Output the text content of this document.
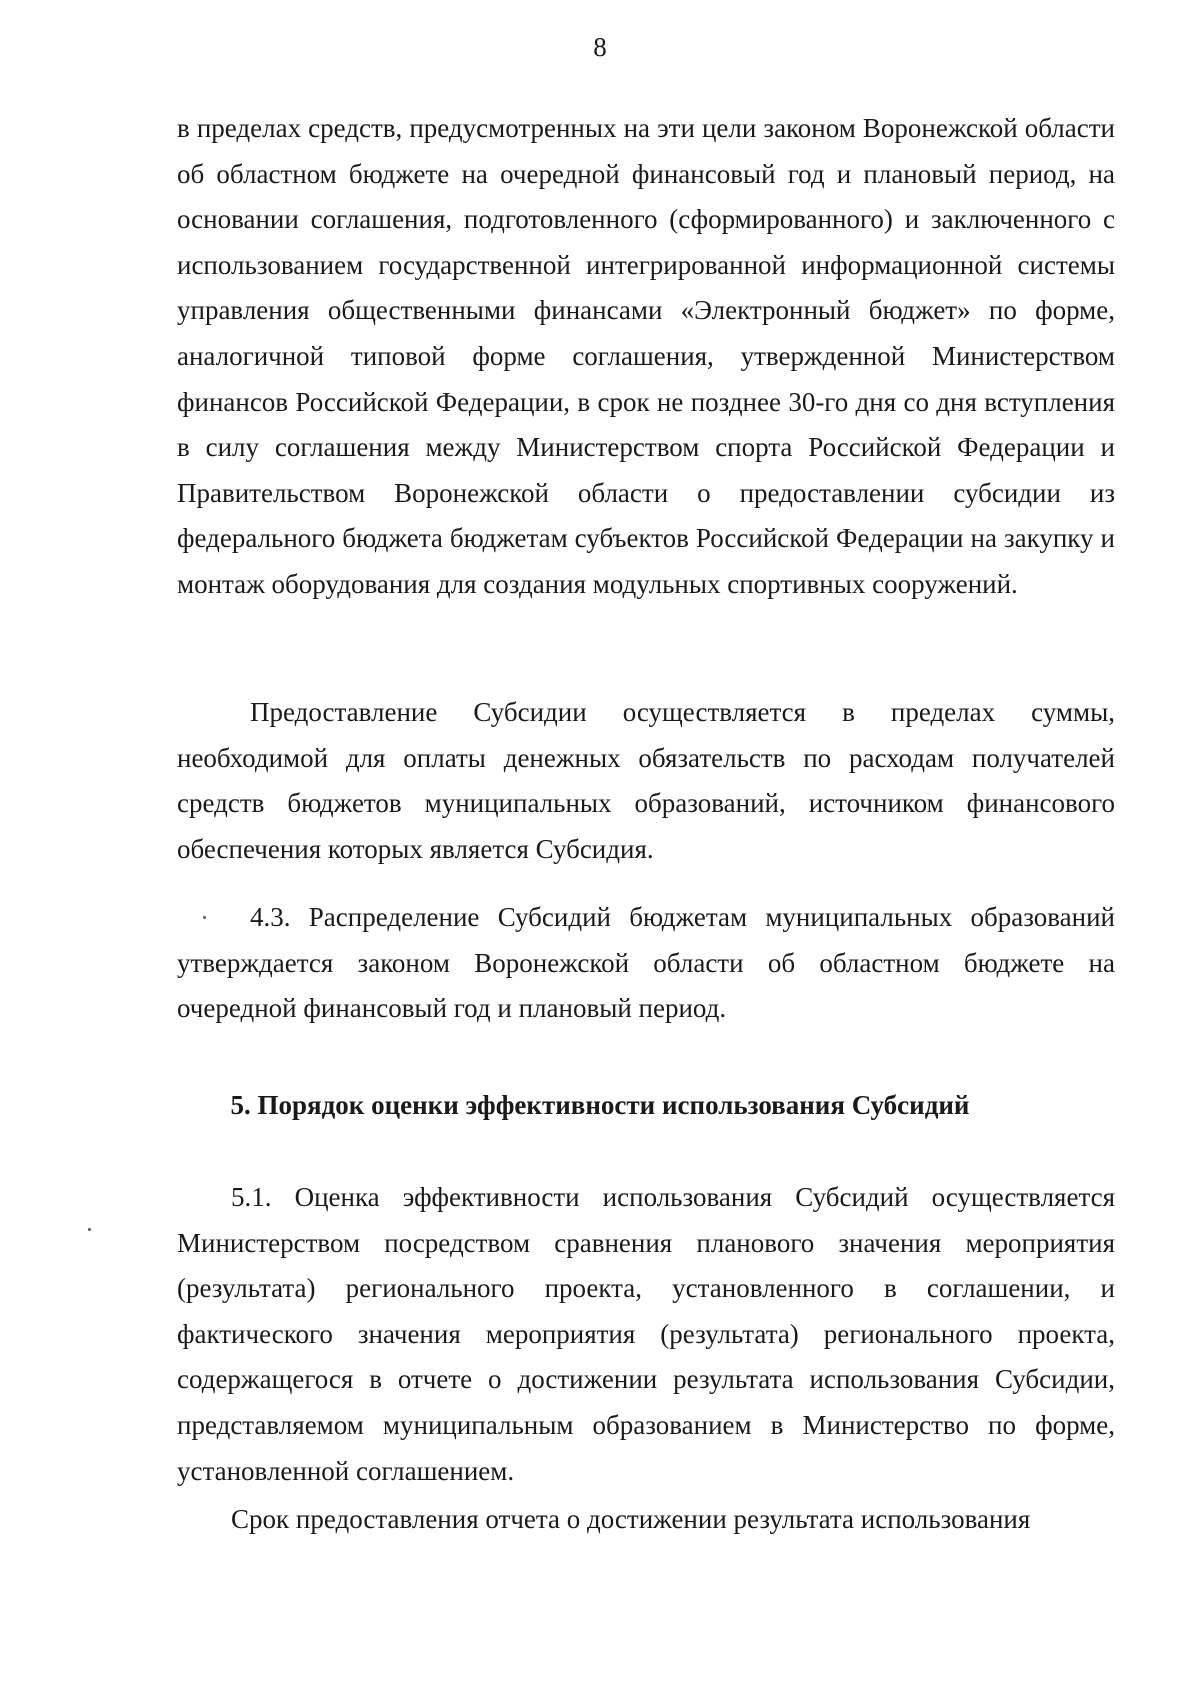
8

в пределах средств, предусмотренных на эти цели законом Воронежской области об областном бюджете на очередной финансовый год и плановый период, на основании соглашения, подготовленного (сформированного) и заключенного с использованием государственной интегрированной информационной системы управления общественными финансами «Электронный бюджет» по форме, аналогичной типовой форме соглашения, утвержденной Министерством финансов Российской Федерации, в срок не позднее 30-го дня со дня вступления в силу соглашения между Министерством спорта Российской Федерации и Правительством Воронежской области о предоставлении субсидии из федерального бюджета бюджетам субъектов Российской Федерации на закупку и монтаж оборудования для создания модульных спортивных сооружений.

Предоставление Субсидии осуществляется в пределах суммы, необходимой для оплаты денежных обязательств по расходам получателей средств бюджетов муниципальных образований, источником финансового обеспечения которых является Субсидия.

4.3. Распределение Субсидий бюджетам муниципальных образований утверждается законом Воронежской области об областном бюджете на очередной финансовый год и плановый период.

5. Порядок оценки эффективности использования Субсидий

5.1. Оценка эффективности использования Субсидий осуществляется Министерством посредством сравнения планового значения мероприятия (результата) регионального проекта, установленного в соглашении, и фактического значения мероприятия (результата) регионального проекта, содержащегося в отчете о достижении результата использования Субсидии, представляемом муниципальным образованием в Министерство по форме, установленной соглашением.

Срок предоставления отчета о достижении результата использования
